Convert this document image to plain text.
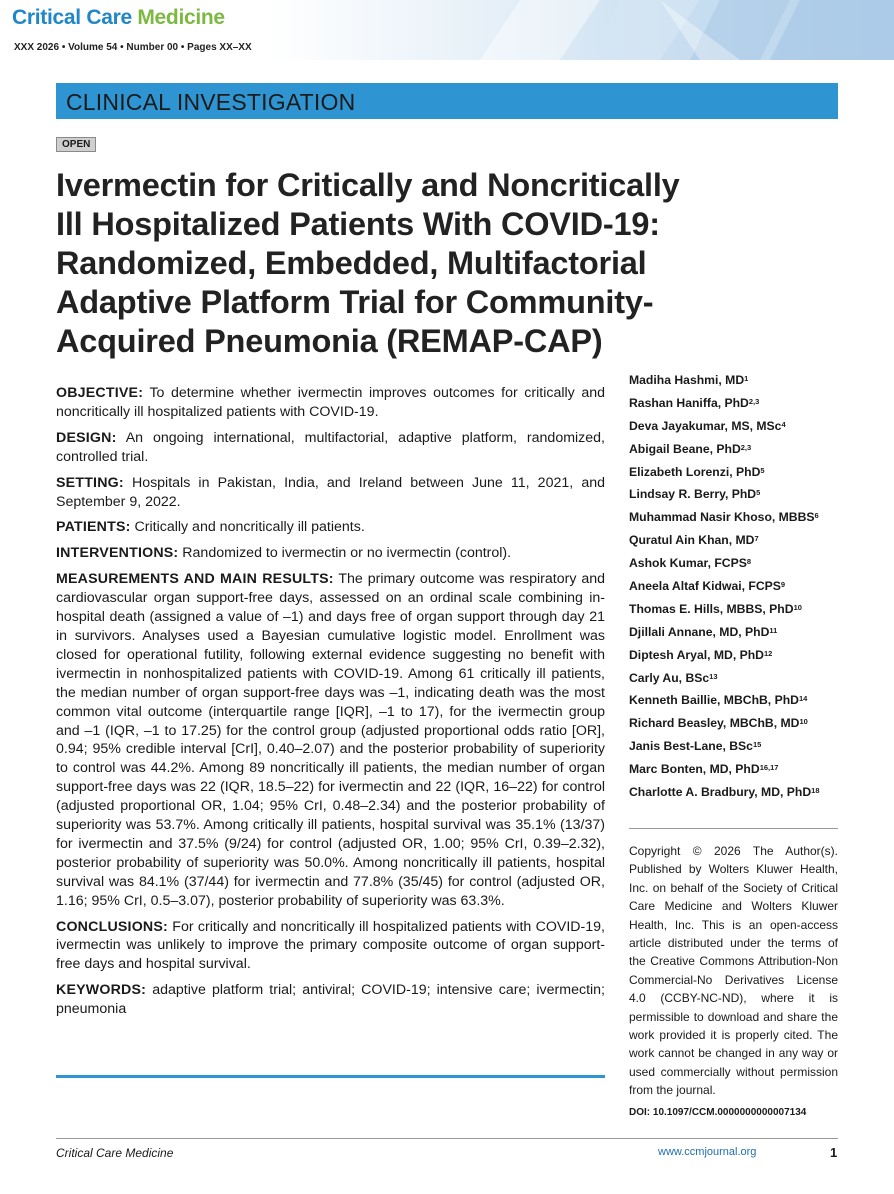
Critical Care Medicine
XXX 2026 • Volume 54 • Number 00 • Pages XX–XX
CLINICAL INVESTIGATION
OPEN
Ivermectin for Critically and Noncritically
Ill Hospitalized Patients With COVID-19:
Randomized, Embedded, Multifactorial
Adaptive Platform Trial for Community-
Acquired Pneumonia (REMAP-CAP)

OBJECTIVE: To determine whether ivermectin improves outcomes for critically and noncritically ill hospitalized patients with COVID-19.

DESIGN: An ongoing international, multifactorial, adaptive platform, randomized, controlled trial.

SETTING: Hospitals in Pakistan, India, and Ireland between June 11, 2021, and September 9, 2022.

PATIENTS: Critically and noncritically ill patients.

INTERVENTIONS: Randomized to ivermectin or no ivermectin (control).

MEASUREMENTS AND MAIN RESULTS: The primary outcome was respiratory and cardiovascular organ support-free days, assessed on an ordinal scale combining in-hospital death (assigned a value of –1) and days free of organ support through day 21 in survivors. Analyses used a Bayesian cumulative logistic model. Enrollment was closed for operational futility, following external evidence suggesting no benefit with ivermectin in nonhospitalized patients with COVID-19. Among 61 critically ill patients, the median number of organ support-free days was –1, indicating death was the most common vital outcome (interquartile range [IQR], –1 to 17), for the ivermectin group and –1 (IQR, –1 to 17.25) for the control group (adjusted proportional odds ratio [OR], 0.94; 95% credible interval [CrI], 0.40–2.07) and the posterior probability of superiority to control was 44.2%. Among 89 noncritically ill patients, the median number of organ support-free days was 22 (IQR, 18.5–22) for ivermectin and 22 (IQR, 16–22) for control (adjusted proportional OR, 1.04; 95% CrI, 0.48–2.34) and the posterior probability of superiority was 53.7%. Among critically ill patients, hospital survival was 35.1% (13/37) for ivermectin and 37.5% (9/24) for control (adjusted OR, 1.00; 95% CrI, 0.39–2.32), posterior probability of superiority was 50.0%. Among noncritically ill patients, hospital survival was 84.1% (37/44) for ivermectin and 77.8% (35/45) for control (adjusted OR, 1.16; 95% CrI, 0.5–3.07), posterior probability of superiority was 63.3%.

CONCLUSIONS: For critically and noncritically ill hospitalized patients with COVID-19, ivermectin was unlikely to improve the primary composite outcome of organ support-free days and hospital survival.

KEYWORDS: adaptive platform trial; antiviral; COVID-19; intensive care; ivermectin; pneumonia

Madiha Hashmi, $MD^1$
Rashan Haniffa, PhD$^{2,3}$
Deva Jayakumar, MS, MSc$^4$
Abigail Beane, PhD$^{2,3}$
Elizabeth Lorenzi, PhD$^5$
Lindsay R. Berry, PhD$^5$
Muhammad Nasir Khoso, MBBS$^6$
Quratul Ain Khan, $MD^7$
Ashok Kumar, FCPS$^8$
Aneela Altaf Kidwai, FCPS$^9$
Thomas E. Hills, MBBS, PhD$^{10}$
Djillali Annane, MD, PhD$^{11}$
Diptesh Aryal, MD, PhD$^{12}$
Carly Au, BSc$^{13}$
Kenneth Baillie, MBChB, PhD$^{14}$
Richard Beasley, MBChB, MD$^{10}$
Janis Best-Lane, BSc$^{15}$
Marc Bonten, MD, PhD$^{16,17}$
Charlotte A. Bradbury, MD, PhD$^{18}$
Copyright © 2026 The Author(s). Published by Wolters Kluwer Health, Inc. on behalf of the Society of Critical Care Medicine and Wolters Kluwer Health, Inc. This is an open-access article distributed under the terms of the Creative Commons Attribution-Non Commercial-No Derivatives License 4.0 (CCBY-NC-ND), where it is permissible to download and share the work provided it is properly cited. The work cannot be changed in any way or used commercially without permission from the journal.
DOI: 10.1097/CCM.0000000000007134
Critical Care Medicine	www.ccmjournal.org	1
